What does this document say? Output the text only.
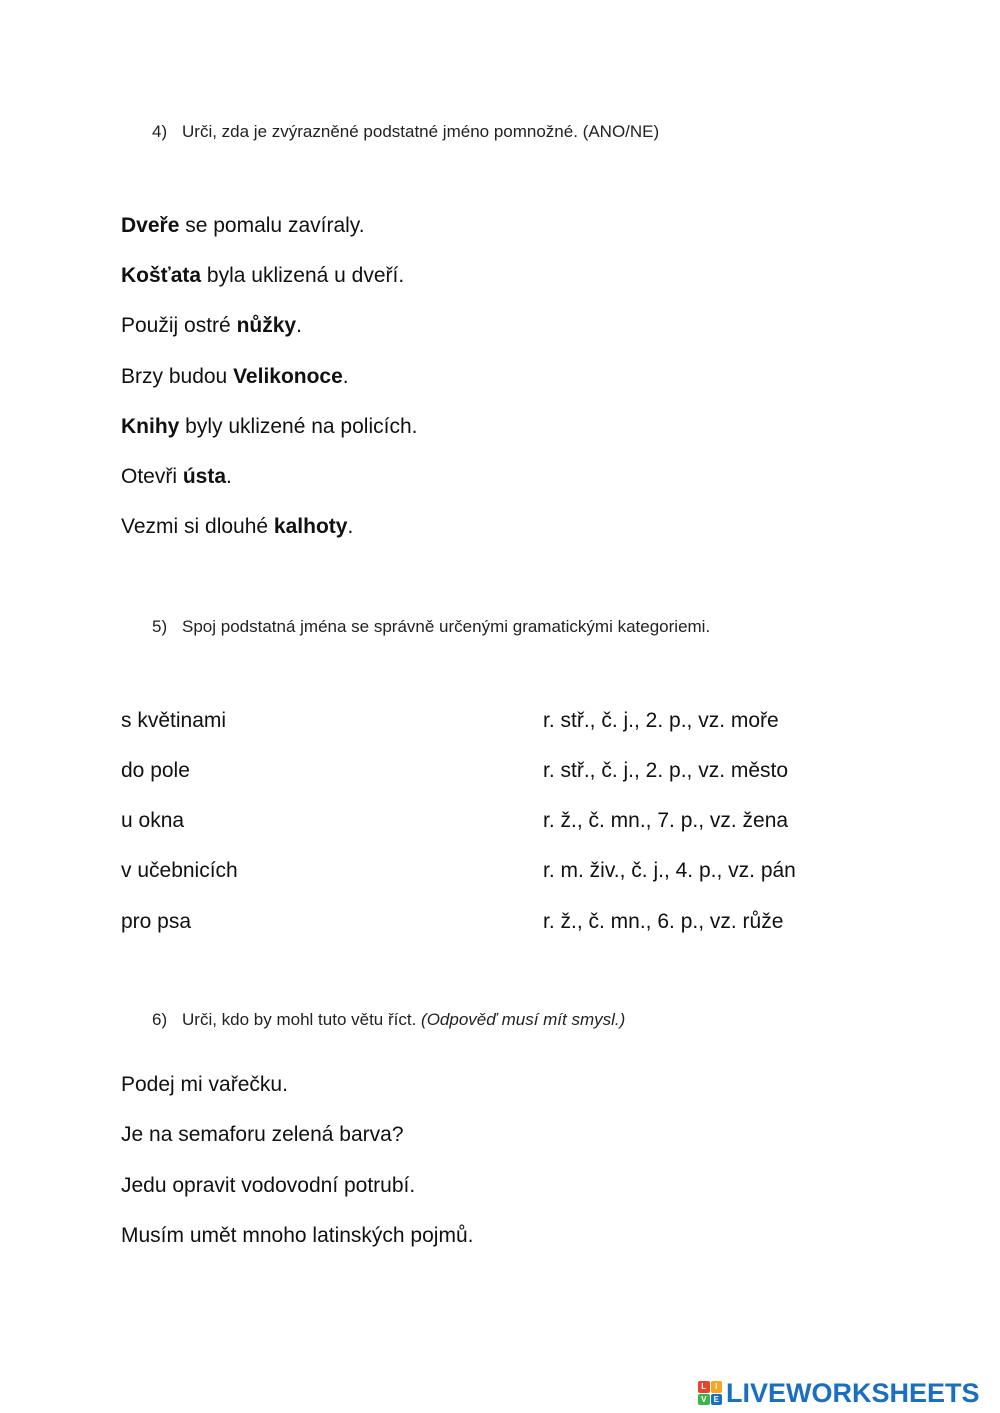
4) Urči, zda je zvýrazněné podstatné jméno pomnožné. (ANO/NE)
Dveře se pomalu zavíraly.
Košťata byla uklizená u dveří.
Použij ostré nůžky.
Brzy budou Velikonoce.
Knihy byly uklizené na policích.
Otevři ústa.
Vezmi si dlouhé kalhoty.
5) Spoj podstatná jména se správně určenými gramatickými kategoriemi.
s květinami
do pole
u okna
v učebnicích
pro psa
r. stř., č. j., 2. p., vz. moře
r. stř., č. j., 2. p., vz. město
r. ž., č. mn., 7. p., vz. žena
r. m. živ., č. j., 4. p., vz. pán
r. ž., č. mn., 6. p., vz. růže
6) Urči, kdo by mohl tuto větu říct. (Odpověď musí mít smysl.)
Podej mi vařečku.
Je na semaforu zelená barva?
Jedu opravit vodovodní potrubí.
Musím umět mnoho latinských pojmů.
L	I
V E LIVEWORKSHEETS
